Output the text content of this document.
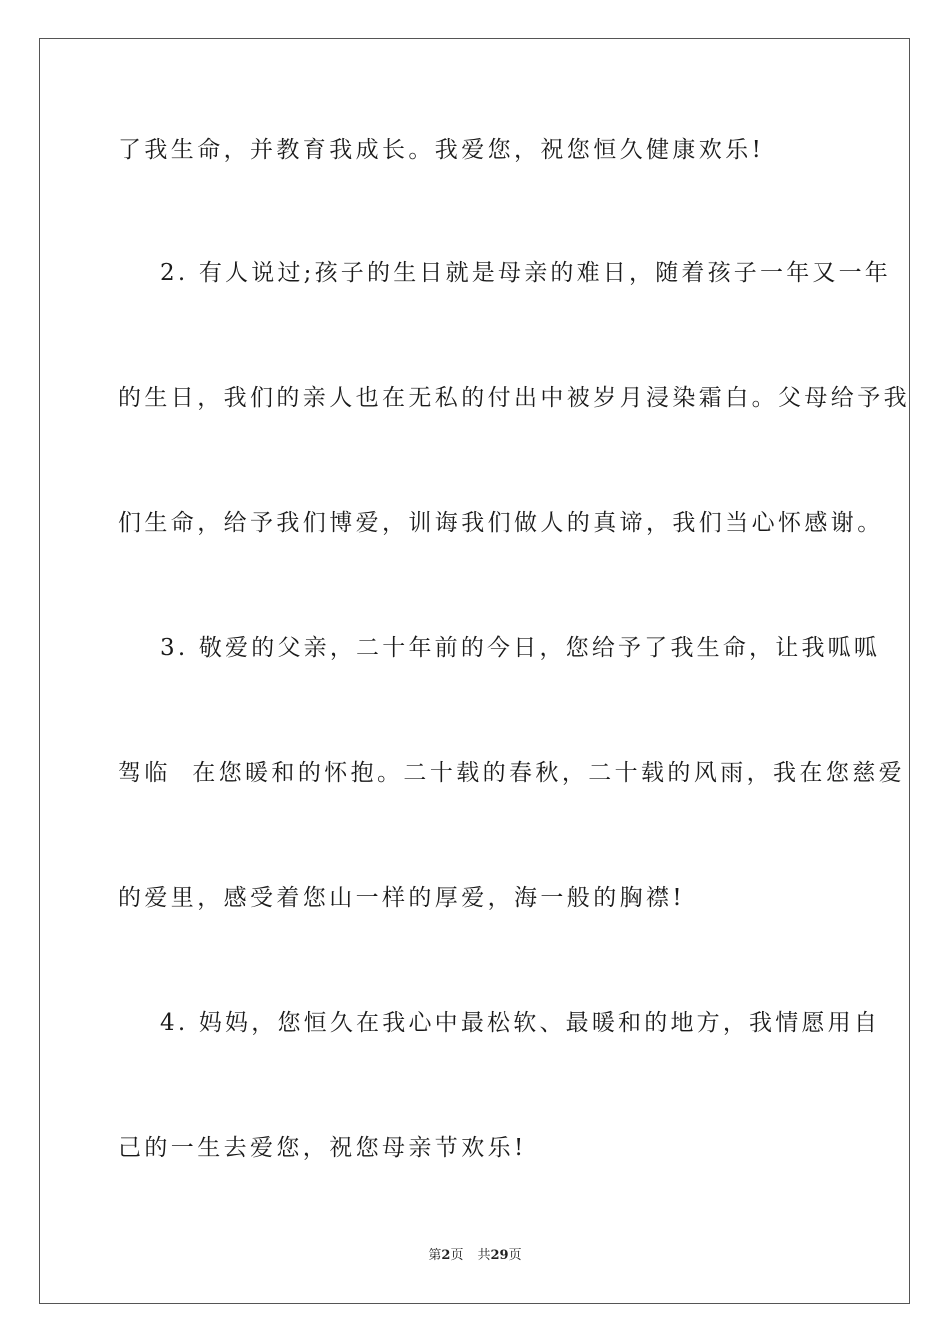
了我生命，并教育我成长。我爱您，祝您恒久健康欢乐!
2. 有人说过;孩子的生日就是母亲的难日，随着孩子一年又一年
的生日，我们的亲人也在无私的付出中被岁月浸染霜白。父母给予我
们生命，给予我们博爱，训诲我们做人的真谛，我们当心怀感谢。
3. 敬爱的父亲，二十年前的今日，您给予了我生命，让我呱呱
驾临  在您暖和的怀抱。二十载的春秋，二十载的风雨，我在您慈爱
的爱里，感受着您山一样的厚爱，海一般的胸襟!
4. 妈妈，您恒久在我心中最松软、最暖和的地方，我情愿用自
己的一生去爱您，祝您母亲节欢乐!
第2页 共29页
